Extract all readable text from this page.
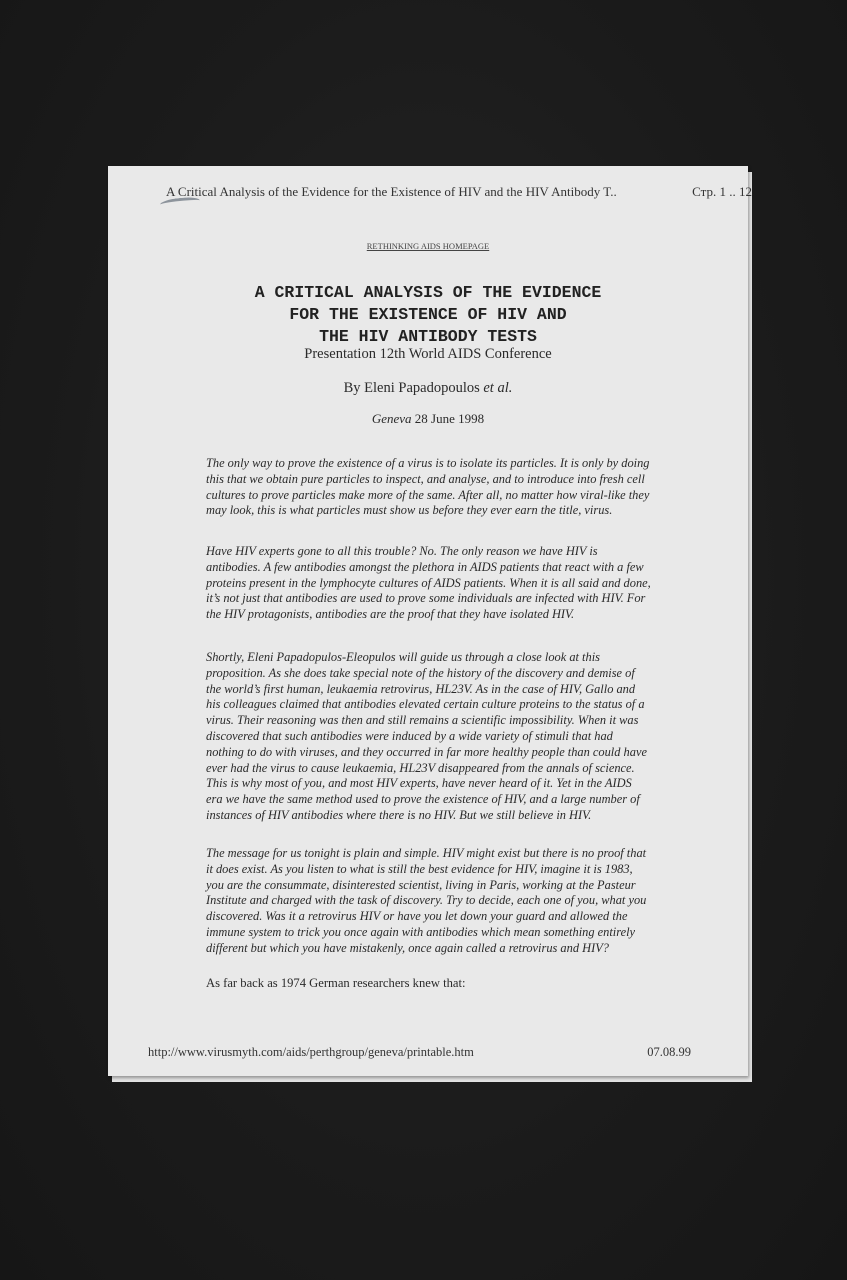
A Critical Analysis of the Evidence for the Existence of HIV and the HIV Antibody T..	Стр. 1 .. 12
RETHINKING AIDS HOMEPAGE
A CRITICAL ANALYSIS OF THE EVIDENCE
FOR THE EXISTENCE OF HIV AND
THE HIV ANTIBODY TESTS
Presentation 12th World AIDS Conference
By Eleni Papadopoulos et al.
Geneva 28 June 1998
The only way to prove the existence of a virus is to isolate its particles. It is only by doing this that we obtain pure particles to inspect, and analyse, and to introduce into fresh cell cultures to prove particles make more of the same. After all, no matter how viral-like they may look, this is what particles must show us before they ever earn the title, virus.
Have HIV experts gone to all this trouble? No. The only reason we have HIV is antibodies. A few antibodies amongst the plethora in AIDS patients that react with a few proteins present in the lymphocyte cultures of AIDS patients. When it is all said and done, it’s not just that antibodies are used to prove some individuals are infected with HIV. For the HIV protagonists, antibodies are the proof that they have isolated HIV.
Shortly, Eleni Papadopulos-Eleopulos will guide us through a close look at this proposition. As she does take special note of the history of the discovery and demise of the world’s first human, leukaemia retrovirus, HL23V. As in the case of HIV, Gallo and his colleagues claimed that antibodies elevated certain culture proteins to the status of a virus. Their reasoning was then and still remains a scientific impossibility. When it was discovered that such antibodies were induced by a wide variety of stimuli that had nothing to do with viruses, and they occurred in far more healthy people than could have ever had the virus to cause leukaemia, HL23V disappeared from the annals of science. This is why most of you, and most HIV experts, have never heard of it. Yet in the AIDS era we have the same method used to prove the existence of HIV, and a large number of instances of HIV antibodies where there is no HIV. But we still believe in HIV.
The message for us tonight is plain and simple. HIV might exist but there is no proof that it does exist. As you listen to what is still the best evidence for HIV, imagine it is 1983, you are the consummate, disinterested scientist, living in Paris, working at the Pasteur Institute and charged with the task of discovery. Try to decide, each one of you, what you discovered. Was it a retrovirus HIV or have you let down your guard and allowed the immune system to trick you once again with antibodies which mean something entirely different but which you have mistakenly, once again called a retrovirus and HIV?
As far back as 1974 German researchers knew that:
http://www.virusmyth.com/aids/perthgroup/geneva/printable.htm	07.08.99
